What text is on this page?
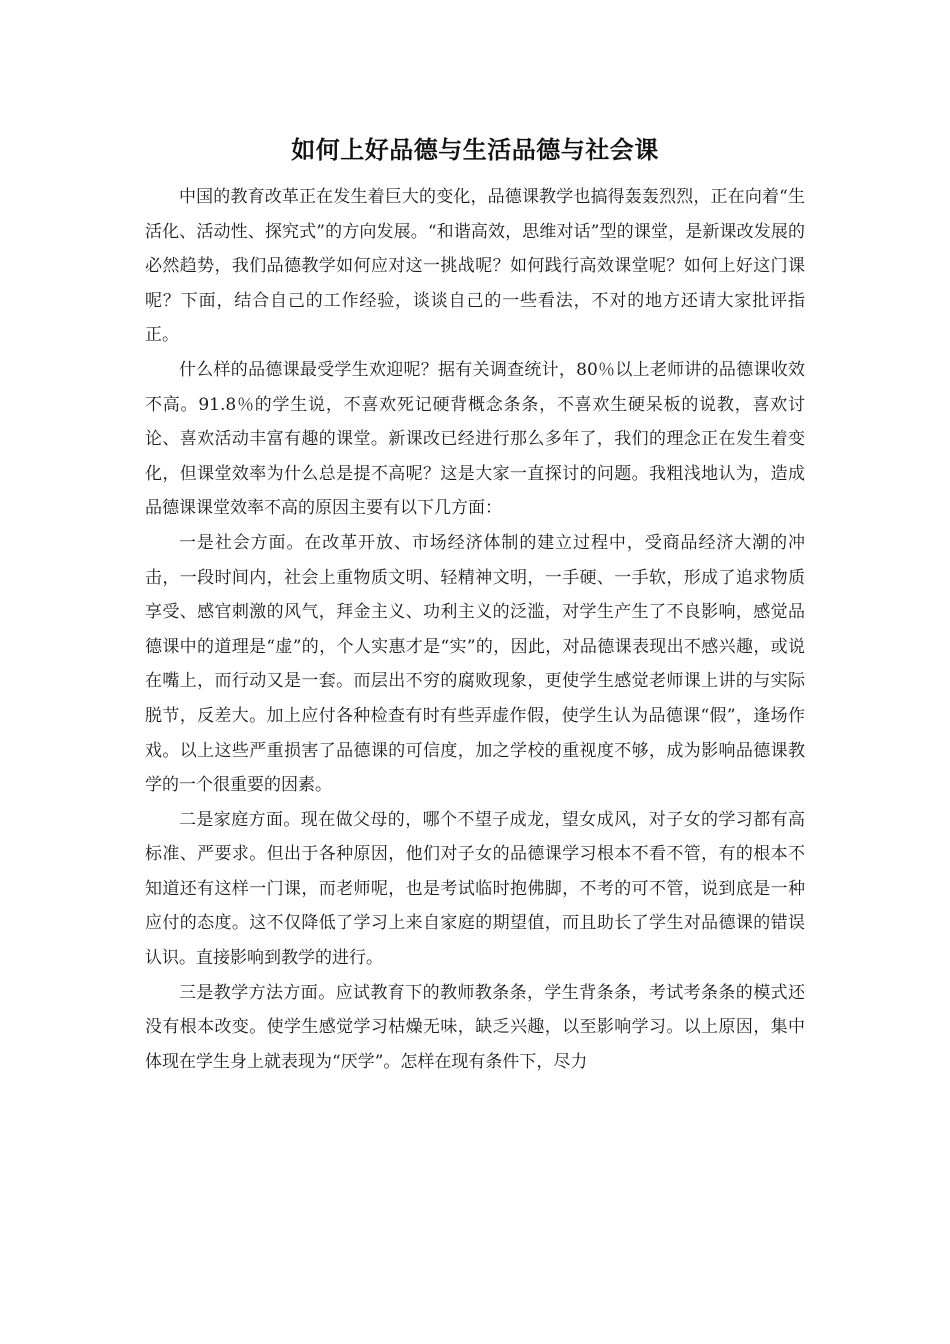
如何上好品德与生活品德与社会课

中国的教育改革正在发生着巨大的变化，品德课教学也搞得轰轰烈烈，正在向着“生活化、活动性、探究式”的方向发展。“和谐高效，思维对话”型的课堂，是新课改发展的必然趋势，我们品德教学如何应对这一挑战呢？如何践行高效课堂呢？如何上好这门课呢？下面，结合自己的工作经验，谈谈自己的一些看法，不对的地方还请大家批评指正。

什么样的品德课最受学生欢迎呢？据有关调查统计，80％以上老师讲的品德课收效不高。91.8％的学生说，不喜欢死记硬背概念条条，不喜欢生硬呆板的说教，喜欢讨论、喜欢活动丰富有趣的课堂。新课改已经进行那么多年了，我们的理念正在发生着变化，但课堂效率为什么总是提不高呢？这是大家一直探讨的问题。我粗浅地认为，造成品德课课堂效率不高的原因主要有以下几方面：

一是社会方面。在改革开放、市场经济体制的建立过程中，受商品经济大潮的冲击，一段时间内，社会上重物质文明、轻精神文明，一手硬、一手软，形成了追求物质享受、感官刺激的风气，拜金主义、功利主义的泛滥，对学生产生了不良影响，感觉品德课中的道理是“虚”的，个人实惠才是“实”的，因此，对品德课表现出不感兴趣，或说在嘴上，而行动又是一套。而层出不穷的腐败现象，更使学生感觉老师课上讲的与实际脱节，反差大。加上应付各种检查有时有些弄虚作假，使学生认为品德课“假”，逢场作戏。以上这些严重损害了品德课的可信度，加之学校的重视度不够，成为影响品德课教学的一个很重要的因素。

二是家庭方面。现在做父母的，哪个不望子成龙，望女成风，对子女的学习都有高标准、严要求。但出于各种原因，他们对子女的品德课学习根本不看不管，有的根本不知道还有这样一门课，而老师呢，也是考试临时抱佛脚，不考的可不管，说到底是一种应付的态度。这不仅降低了学习上来自家庭的期望值，而且助长了学生对品德课的错误认识。直接影响到教学的进行。

三是教学方法方面。应试教育下的教师教条条，学生背条条，考试考条条的模式还没有根本改变。使学生感觉学习枯燥无味，缺乏兴趣，以至影响学习。以上原因，集中体现在学生身上就表现为“厌学”。怎样在现有条件下，尽力
